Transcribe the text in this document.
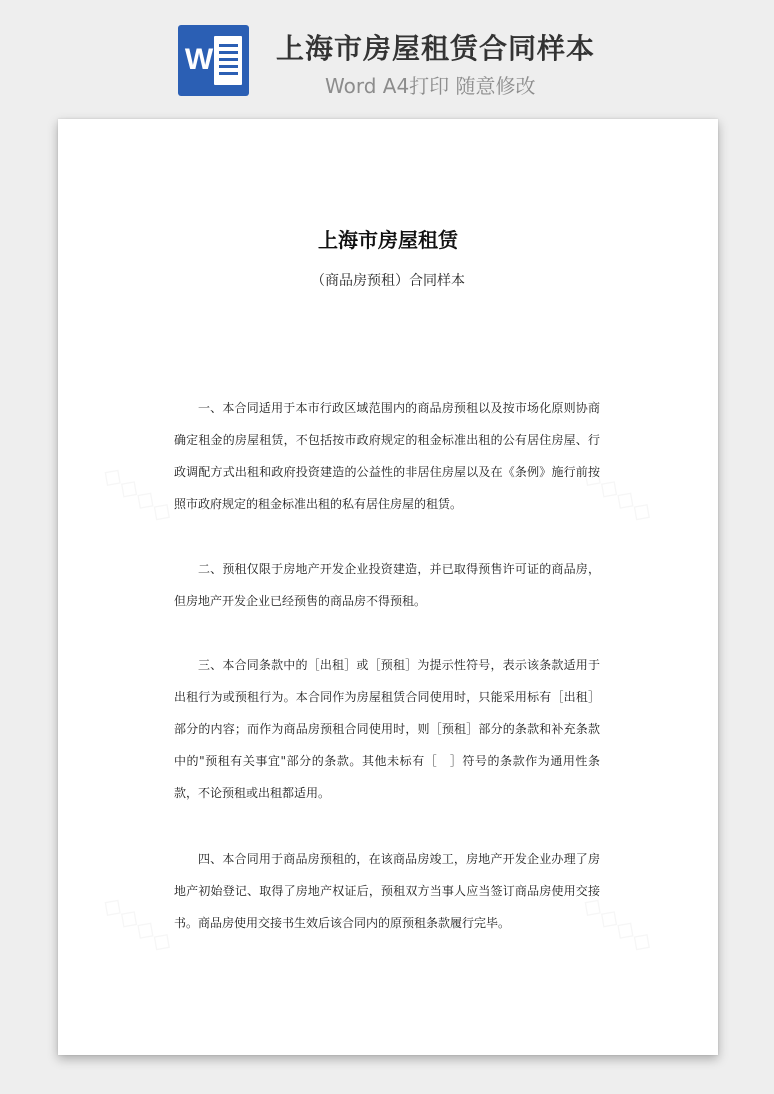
W 上海市房屋租赁合同样本
Word A4打印 随意修改
上海市房屋租赁
（商品房预租）合同样本

一、本合同适用于本市行政区域范围内的商品房预租以及按市场化原则协商确定租金的房屋租赁，不包括按市政府规定的租金标准出租的公有居住房屋、行政调配方式出租和政府投资建造的公益性的非居住房屋以及在《条例》施行前按照市政府规定的租金标准出租的私有居住房屋的租赁。

二、预租仅限于房地产开发企业投资建造，并已取得预售许可证的商品房，但房地产开发企业已经预售的商品房不得预租。

三、本合同条款中的［出租］或［预租］为提示性符号，表示该条款适用于出租行为或预租行为。本合同作为房屋租赁合同使用时，只能采用标有［出租］部分的内容；而作为商品房预租合同使用时，则［预租］部分的条款和补充条款中的"预租有关事宜"部分的条款。其他未标有［　］符号的条款作为通用性条款，不论预租或出租都适用。

四、本合同用于商品房预租的，在该商品房竣工，房地产开发企业办理了房地产初始登记、取得了房地产权证后，预租双方当事人应当签订商品房使用交接书。商品房使用交接书生效后该合同内的原预租条款履行完毕。
